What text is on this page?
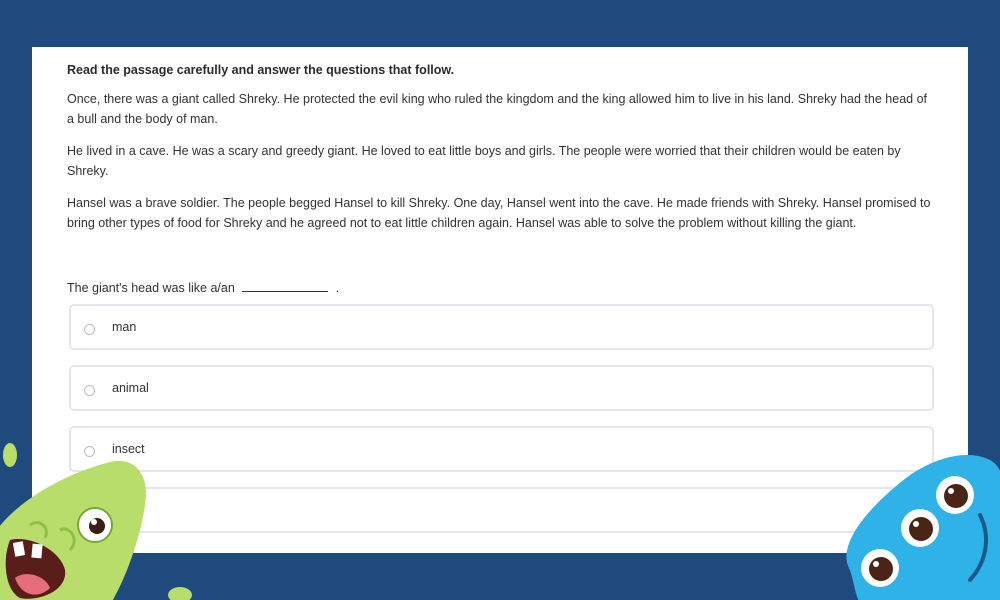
Read the passage carefully and answer the questions that follow.

Once, there was a giant called Shreky. He protected the evil king who ruled the kingdom and the king allowed him to live in his land. Shreky had the head of a bull and the body of man.

He lived in a cave. He was a scary and greedy giant. He loved to eat little boys and girls. The people were worried that their children would be eaten by Shreky.

Hansel was a brave soldier. The people begged Hansel to kill Shreky. One day, Hansel went into the cave. He made friends with Shreky. Hansel promised to bring other types of food for Shreky and he agreed not to eat little children again. Hansel was able to solve the problem without killing the giant.

The giant's head was like a/an	.
man
animal
insect
